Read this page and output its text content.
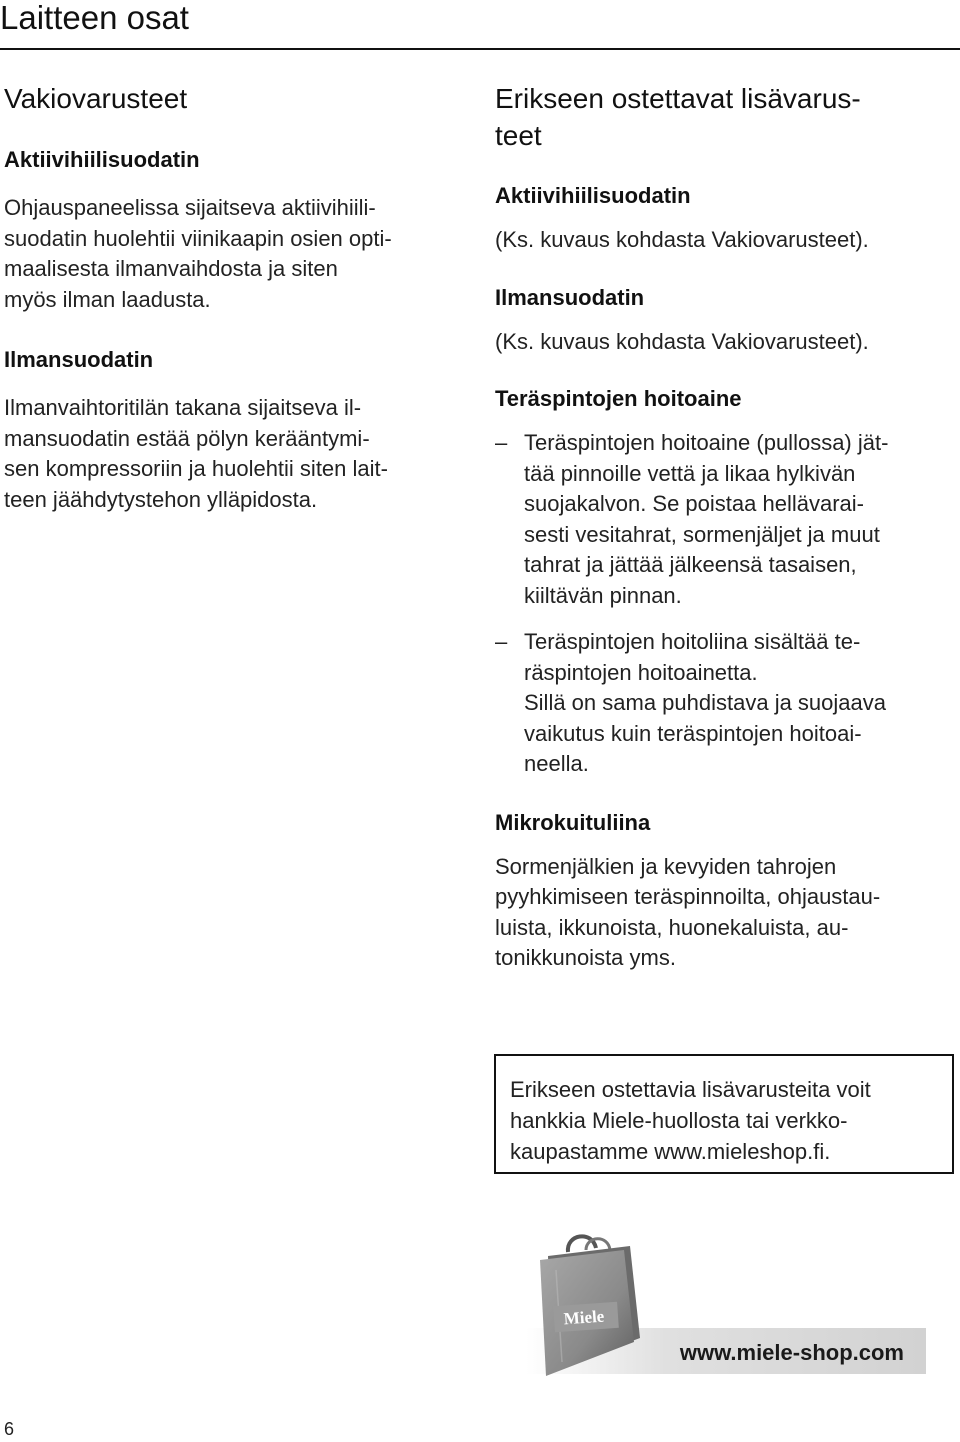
Laitteen osat
Vakiovarusteet
Aktiivihiilisuodatin

Ohjauspaneelissa sijaitseva aktiivihiili-
suodatin huolehtii viinikaapin osien opti-
maalisesta ilmanvaihdosta ja siten
myös ilman laadusta.

Ilmansuodatin

Ilmanvaihtoritilän takana sijaitseva il-
mansuodatin estää pölyn kerääntymi-
sen kompressoriin ja huolehtii siten lait-
teen jäähdytystehon ylläpidosta.

Erikseen ostettavat lisävarus-
teet
Aktiivihiilisuodatin

(Ks. kuvaus kohdasta Vakiovarusteet).

Ilmansuodatin

(Ks. kuvaus kohdasta Vakiovarusteet).

Teräspintojen hoitoaine
– Teräspintojen hoitoaine (pullossa) jät-
tää pinnoille vettä ja likaa hylkivän
suojakalvon. Se poistaa hellävarai-
sesti vesitahrat, sormenjäljet ja muut
tahrat ja jättää jälkeensä tasaisen,
kiiltävän pinnan.
– Teräspintojen hoitoliina sisältää te-
räspintojen hoitoainetta.
Sillä on sama puhdistava ja suojaava
vaikutus kuin teräspintojen hoitoai-
neella.
Mikrokuituliina

Sormenjälkien ja kevyiden tahrojen
pyyhkimiseen teräspinnoilta, ohjaustau-
luista, ikkunoista, huonekaluista, au-
tonikkunoista yms.

Erikseen ostettavia lisävarusteita voit
hankkia Miele-huollosta tai verkko-
kaupastamme www.mieleshop.fi.
Miele
www.miele-shop.com
6
